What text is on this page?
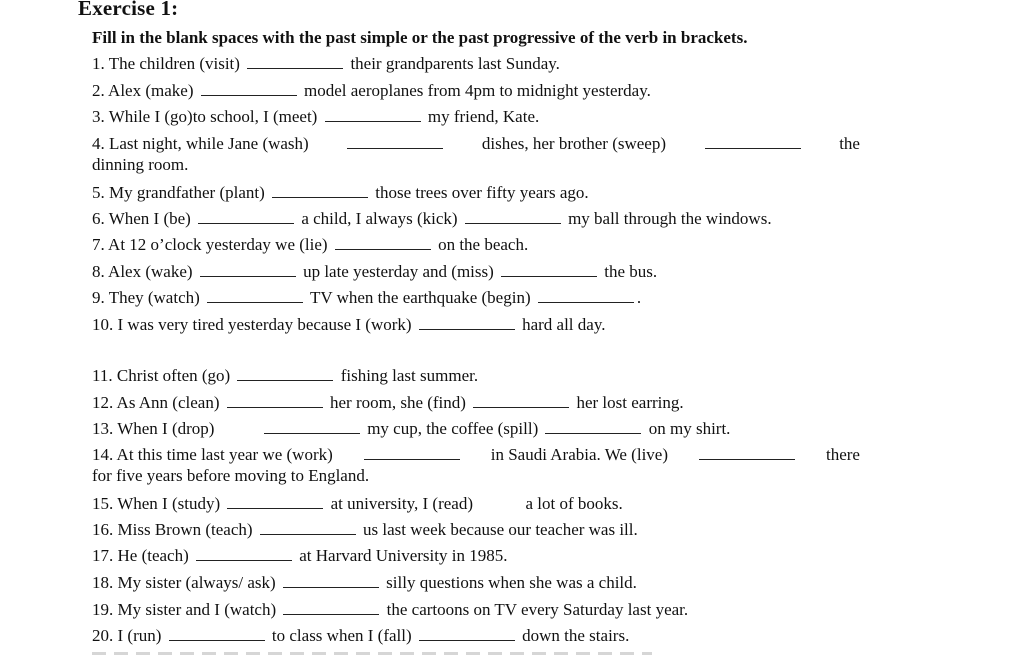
Exercise 1:
Fill in the blank spaces with the past simple or the past progressive of the verb in brackets.
1. The children (visit)	their grandparents last Sunday.
2. Alex (make)	model aeroplanes from 4pm to midnight yesterday.
3. While I (go)to school, I (meet)	my friend, Kate.
4. Last night, while Jane (wash)	dishes, her brother (sweep)	the
dinning room.
5. My grandfather (plant)	those trees over fifty years ago.
6. When I (be)	a child, I always (kick)	my ball through the windows.
7. At 12 o’clock yesterday we (lie)	on the beach.
8. Alex (wake)	up late yesterday and (miss)	the bus.
9. They (watch)	TV when the earthquake (begin)	.
10. I was very tired yesterday because I (work)	hard all day.
11. Christ often (go)	fishing last summer.
12. As Ann (clean)	her room, she (find)	her lost earring.
13. When I (drop)	my cup, the coffee (spill)	on my shirt.
14. At this time last year we (work)	in Saudi Arabia. We (live)	there
for five years before moving to England.
15. When I (study)	at university, I (read)	a lot of books.
16. Miss Brown (teach)	us last week because our teacher was ill.
17. He (teach)	at Harvard University in 1985.
18. My sister (always/ ask)	silly questions when she was a child.
19. My sister and I (watch)	the cartoons on TV every Saturday last year.
20. I (run)	to class when I (fall)	down the stairs.
